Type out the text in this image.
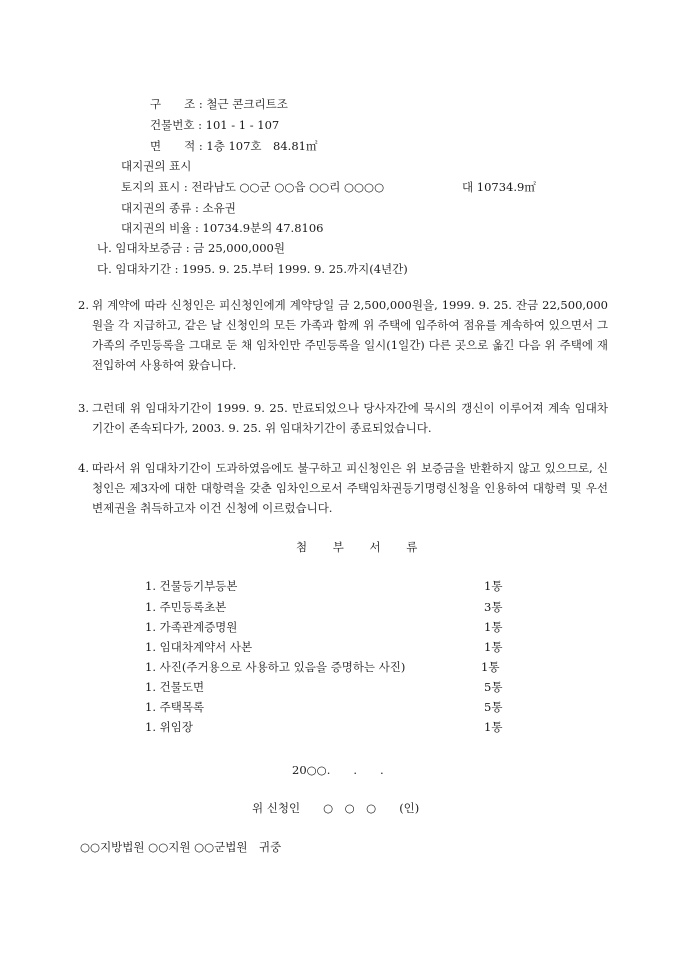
구　　조 : 철근 콘크리트조
건물번호 : 101 - 1 - 107
면　　적 : 1층 107호　84.81㎡
대지권의 표시
토지의 표시 : 전라남도 ○○군 ○○읍 ○○리 ○○○○	대 10734.9㎡
대지권의 종류 : 소유권
대지권의 비율 : 10734.9분의 47.8106
나. 임대차보증금 : 금 25,000,000원
다. 임대차기간 : 1995. 9. 25.부터 1999. 9. 25.까지(4년간)
2. 위 계약에 따라 신청인은 피신청인에게 계약당일 금 2,500,000원을, 1999. 9. 25. 잔금 22,500,000원을 각 지급하고, 같은 날 신청인의 모든 가족과 함께 위 주택에 입주하여 점유를 계속하여 있으면서 그 가족의 주민등록을 그대로 둔 채 임차인만 주민등록을 일시(1일간) 다른 곳으로 옮긴 다음 위 주택에 재전입하여 사용하여 왔습니다.
3. 그런데 위 임대차기간이 1999. 9. 25. 만료되었으나 당사자간에 묵시의 갱신이 이루어져 계속 임대차기간이 존속되다가, 2003. 9. 25. 위 임대차기간이 종료되었습니다.
4. 따라서 위 임대차기간이 도과하였음에도 불구하고 피신청인은 위 보증금을 반환하지 않고 있으므로, 신청인은 제3자에 대한 대항력을 갖춘 임차인으로서 주택임차권등기명령신청을 인용하여 대항력 및 우선변제권을 취득하고자 이건 신청에 이르렀습니다.
첨 부 서 류
1. 건물등기부등본	1통
1. 주민등록초본	3통
1. 가족관계증명원	1통
1. 임대차계약서 사본	1통
1. 사진(주거용으로 사용하고 있음을 증명하는 사진)	1통
1. 건물도면	5통
1. 주택목록	5통
1. 위임장	1통
20○○.　　.　　.
위 신청인　　○　○　○　　(인)
○○지방법원 ○○지원 ○○군법원　귀중
